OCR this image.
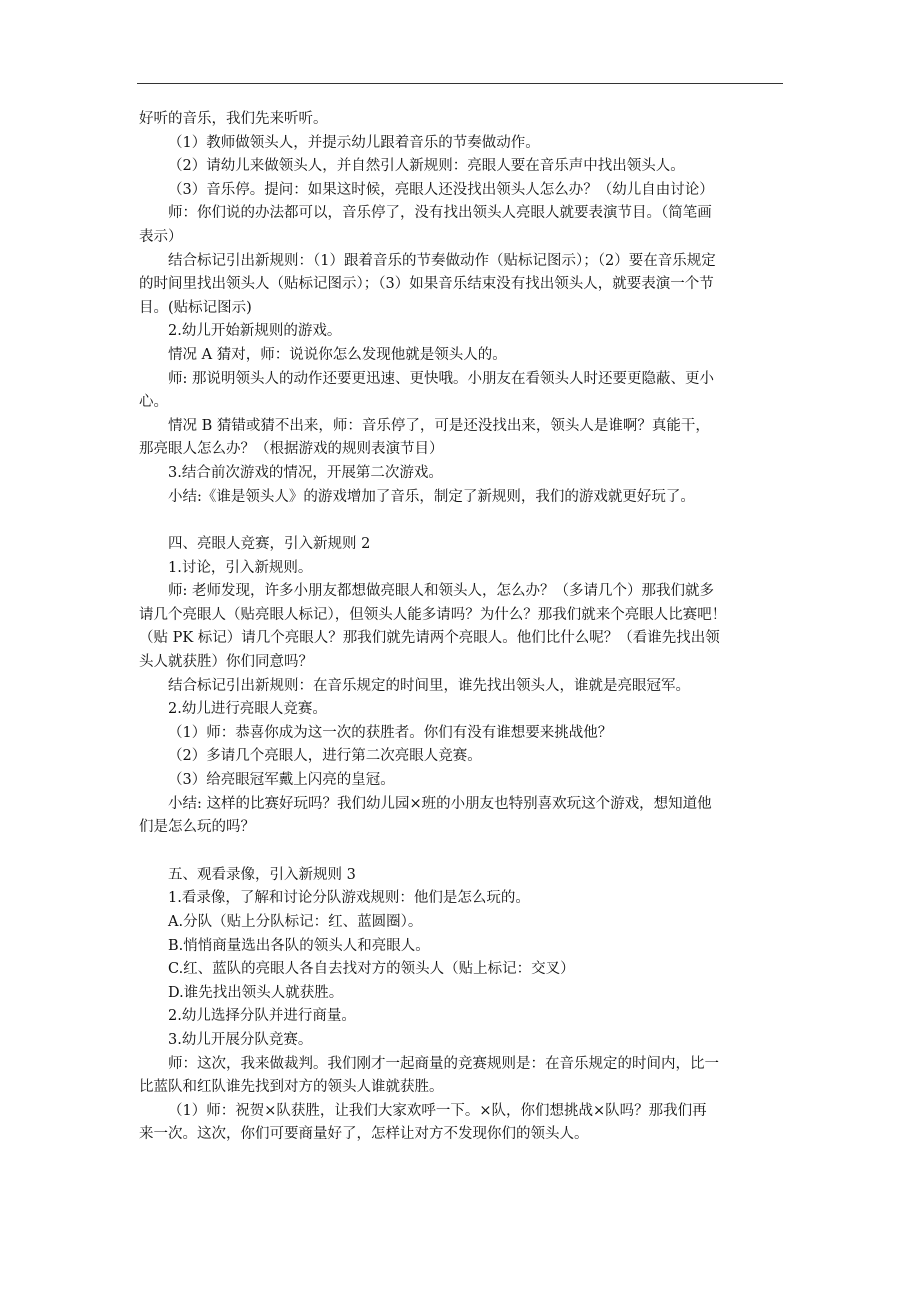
好听的音乐，我们先来听听。
（1）教师做领头人，并提示幼儿跟着音乐的节奏做动作。
（2）请幼儿来做领头人，并自然引人新规则：亮眼人要在音乐声中找出领头人。
（3）音乐停。提问：如果这时候，亮眼人还没找出领头人怎么办？（幼儿自由讨论）
师：你们说的办法都可以，音乐停了，没有找出领头人亮眼人就要表演节目。（简笔画
表示）
结合标记引出新规则：（1）跟着音乐的节奏做动作（贴标记图示）；（2）要在音乐规定
的时间里找出领头人（贴标记图示）；（3）如果音乐结束没有找出领头人，就要表演一个节
目。(贴标记图示)
2.幼儿开始新规则的游戏。
情况 A 猜对，师：说说你怎么发现他就是领头人的。
师: 那说明领头人的动作还要更迅速、更快哦。小朋友在看领头人时还要更隐蔽、更小
心。
情况 B 猜错或猜不出来，师：音乐停了，可是还没找出来，领头人是谁啊？真能干，
那亮眼人怎么办？（根据游戏的规则表演节目）
3.结合前次游戏的情况，开展第二次游戏。
小结:《谁是领头人》的游戏增加了音乐，制定了新规则，我们的游戏就更好玩了。
四、亮眼人竞赛，引入新规则 2
1.讨论，引入新规则。
师: 老师发现，许多小朋友都想做亮眼人和领头人，怎么办？（多请几个）那我们就多
请几个亮眼人（贴亮眼人标记），但领头人能多请吗？为什么？那我们就来个亮眼人比赛吧！
（贴 PK 标记）请几个亮眼人？那我们就先请两个亮眼人。他们比什么呢？（看谁先找出领
头人就获胜）你们同意吗？
结合标记引出新规则：在音乐规定的时间里，谁先找出领头人，谁就是亮眼冠军。
2.幼儿进行亮眼人竞赛。
（1）师：恭喜你成为这一次的获胜者。你们有没有谁想要来挑战他？
（2）多请几个亮眼人，进行第二次亮眼人竞赛。
（3）给亮眼冠军戴上闪亮的皇冠。
小结: 这样的比赛好玩吗？我们幼儿园×班的小朋友也特别喜欢玩这个游戏，想知道他
们是怎么玩的吗？
五、观看录像，引入新规则 3
1.看录像，了解和讨论分队游戏规则：他们是怎么玩的。
A.分队（贴上分队标记：红、蓝圆圈）。
B.悄悄商量选出各队的领头人和亮眼人。
C.红、蓝队的亮眼人各自去找对方的领头人（贴上标记：交叉）
D.谁先找出领头人就获胜。
2.幼儿选择分队并进行商量。
3.幼儿开展分队竞赛。
师：这次，我来做裁判。我们刚才一起商量的竞赛规则是：在音乐规定的时间内，比一
比蓝队和红队谁先找到对方的领头人谁就获胜。
（1）师：祝贺×队获胜，让我们大家欢呼一下。×队，你们想挑战×队吗？那我们再
来一次。这次，你们可要商量好了，怎样让对方不发现你们的领头人。
